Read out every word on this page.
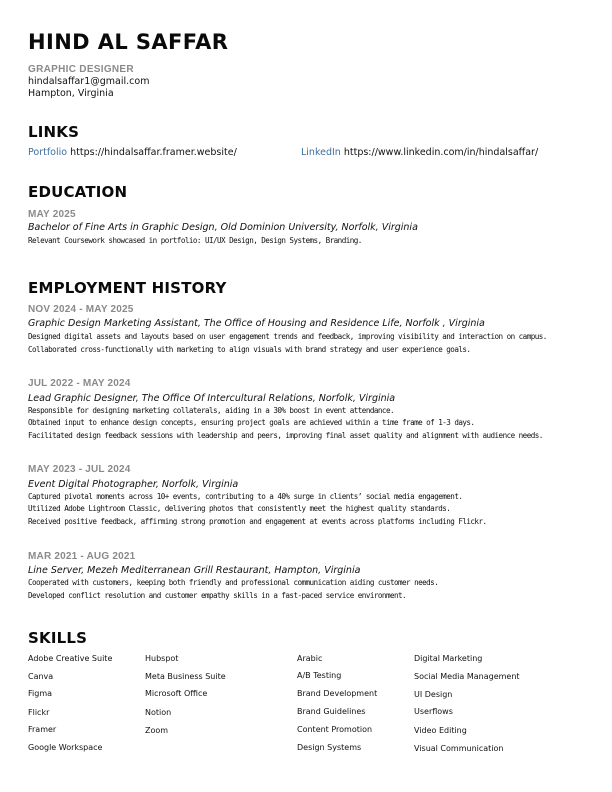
HIND AL SAFFAR
GRAPHIC DESIGNER
hindalsaffar1@gmail.com
Hampton, Virginia
LINKS
Portfolio https://hindalsaffar.framer.website/	LinkedIn https://www.linkedin.com/in/hindalsaffar/
EDUCATION
MAY 2025
Bachelor of Fine Arts in Graphic Design, Old Dominion University, Norfolk, Virginia
Relevant Coursework showcased in portfolio: UI/UX Design, Design Systems, Branding.
EMPLOYMENT HISTORY
NOV 2024 - MAY 2025
Graphic Design Marketing Assistant, The Office of Housing and Residence Life, Norfolk , Virginia
Designed digital assets and layouts based on user engagement trends and feedback, improving visibility and interaction on campus.
Collaborated cross-functionally with marketing to align visuals with brand strategy and user experience goals.
JUL 2022 - MAY 2024
Lead Graphic Designer, The Office Of Intercultural Relations, Norfolk, Virginia
Responsible for designing marketing collaterals, aiding in a 30% boost in event attendance.
Obtained input to enhance design concepts, ensuring project goals are achieved within a time frame of 1-3 days.
Facilitated design feedback sessions with leadership and peers, improving final asset quality and alignment with audience needs.
MAY 2023 - JUL 2024
Event Digital Photographer, Norfolk, Virginia
Captured pivotal moments across 10+ events, contributing to a 40% surge in clients’ social media engagement.
Utilized Adobe Lightroom Classic, delivering photos that consistently meet the highest quality standards.
Received positive feedback, affirming strong promotion and engagement at events across platforms including Flickr.
MAR 2021 - AUG 2021
Line Server, Mezeh Mediterranean Grill Restaurant, Hampton, Virginia
Cooperated with customers, keeping both friendly and professional communication aiding customer needs.
Developed conflict resolution and customer empathy skills in a fast-paced service environment.
SKILLS
Adobe Creative Suite
Canva
Figma
Flickr
Framer
Google Workspace
Hubspot
Meta Business Suite
Microsoft Office
Notion
Zoom
Arabic
A/B Testing
Brand Development
Brand Guidelines
Content Promotion
Design Systems
Digital Marketing
Social Media Management
UI Design
Userflows
Video Editing
Visual Communication
